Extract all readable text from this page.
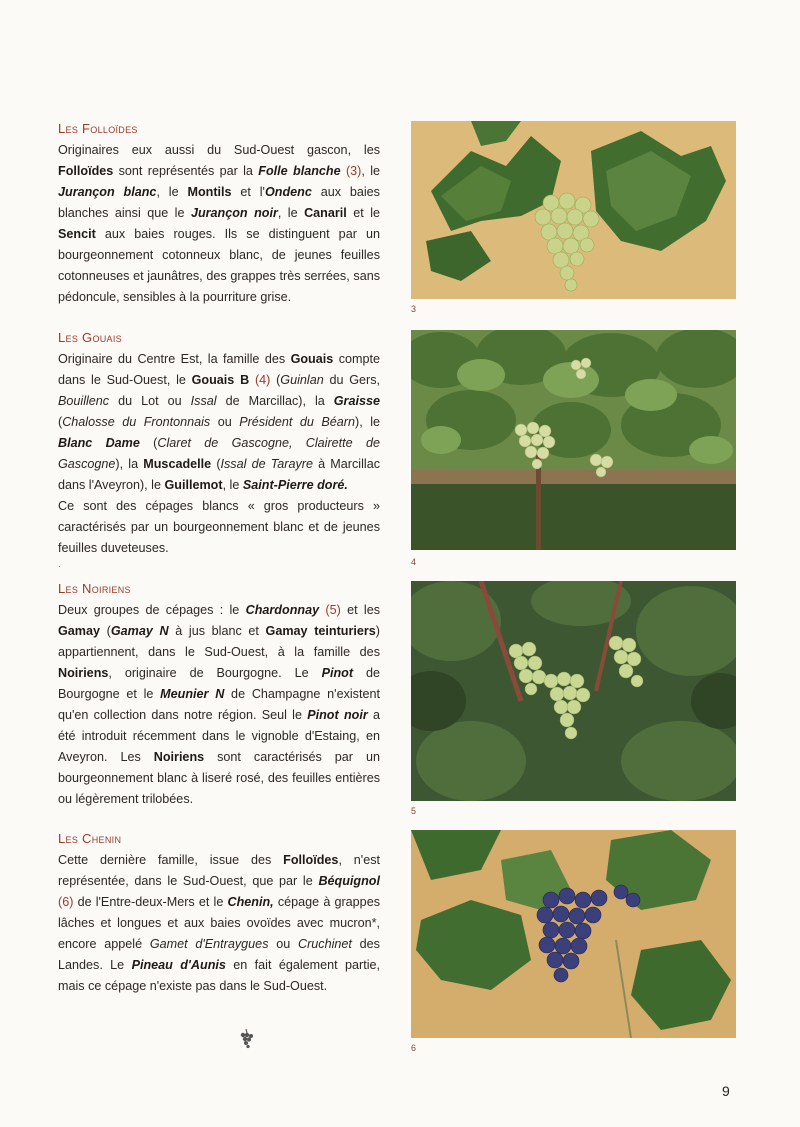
Les Folloïdes

Originaires eux aussi du Sud-Ouest gascon, les Folloïdes sont représentés par la Folle blanche (3), le Jurançon blanc, le Montils et l'Ondenc aux baies blanches ainsi que le Jurançon noir, le Canaril et le Sencit aux baies rouges. Ils se distinguent par un bourgeonnement cotonneux blanc, de jeunes feuilles cotonneuses et jaunâtres, des grappes très serrées, sans pédoncule, sensibles à la pourriture grise.

Les Gouais

Originaire du Centre Est, la famille des Gouais compte dans le Sud-Ouest, le Gouais B (4) (Guinlan du Gers, Bouillenc du Lot ou Issal de Marcillac), la Graisse (Chalosse du Frontonnais ou Président du Béarn), le Blanc Dame (Claret de Gascogne, Clairette de Gascogne), la Muscadelle (Issal de Tarayre à Marcillac dans l'Aveyron), le Guillemot, le Saint-Pierre doré.

Ce sont des cépages blancs « gros producteurs » caractérisés par un bourgeonnement blanc et de jeunes feuilles duveteuses.

·
Les Noiriens

Deux groupes de cépages : le Chardonnay (5) et les Gamay (Gamay N à jus blanc et Gamay teinturiers) appartiennent, dans le Sud-Ouest, à la famille des Noiriens, originaire de Bourgogne. Le Pinot de Bourgogne et le Meunier N de Champagne n'existent qu'en collection dans notre région. Seul le Pinot noir a été introduit récemment dans le vignoble d'Estaing, en Aveyron. Les Noiriens sont caractérisés par un bourgeonnement blanc à liseré rosé, des feuilles entières ou légèrement trilobées.

Les Chenin

Cette dernière famille, issue des Folloïdes, n'est représentée, dans le Sud-Ouest, que par le Béquignol (6) de l'Entre-deux-Mers et le Chenin, cépage à grappes lâches et longues et aux baies ovoïdes avec mucron*, encore appelé Gamet d'Entraygues ou Cruchinet des Landes. Le Pineau d'Aunis en fait également partie, mais ce cépage n'existe pas dans le Sud-Ouest.

3
4
5
6
9
